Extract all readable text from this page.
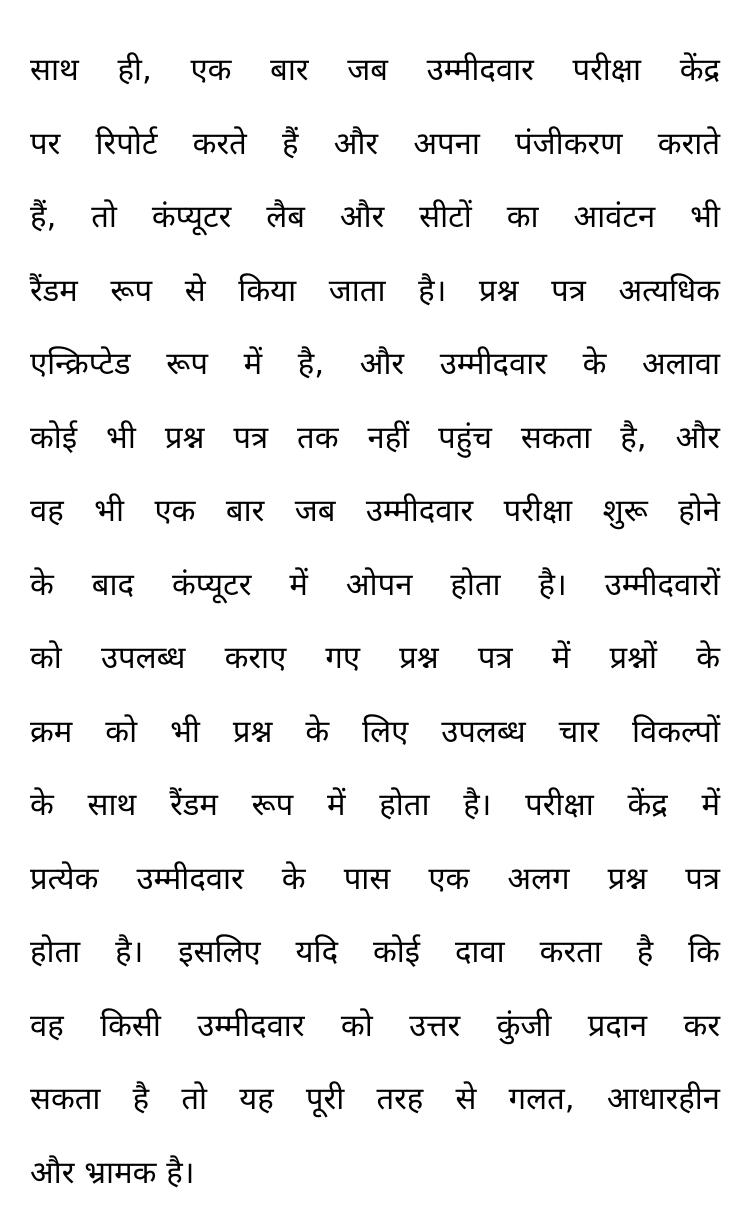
साथ ही, एक बार जब उम्मीदवार परीक्षा केंद्र
पर रिपोर्ट करते हैं और अपना पंजीकरण कराते
हैं, तो कंप्यूटर लैब और सीटों का आवंटन भी
रैंडम रूप से किया जाता है। प्रश्न पत्र अत्यधिक
एन्क्रिप्टेड रूप में है, और उम्मीदवार के अलावा
कोई भी प्रश्न पत्र तक नहीं पहुंच सकता है, और
वह भी एक बार जब उम्मीदवार परीक्षा शुरू होने
के बाद कंप्यूटर में ओपन होता है। उम्मीदवारों
को उपलब्ध कराए गए प्रश्न पत्र में प्रश्नों के
क्रम को भी प्रश्न के लिए उपलब्ध चार विकल्पों
के साथ रैंडम रूप में होता है। परीक्षा केंद्र में
प्रत्येक उम्मीदवार के पास एक अलग प्रश्न पत्र
होता है। इसलिए यदि कोई दावा करता है कि
वह किसी उम्मीदवार को उत्तर कुंजी प्रदान कर
सकता है तो यह पूरी तरह से गलत, आधारहीन
और भ्रामक है।
